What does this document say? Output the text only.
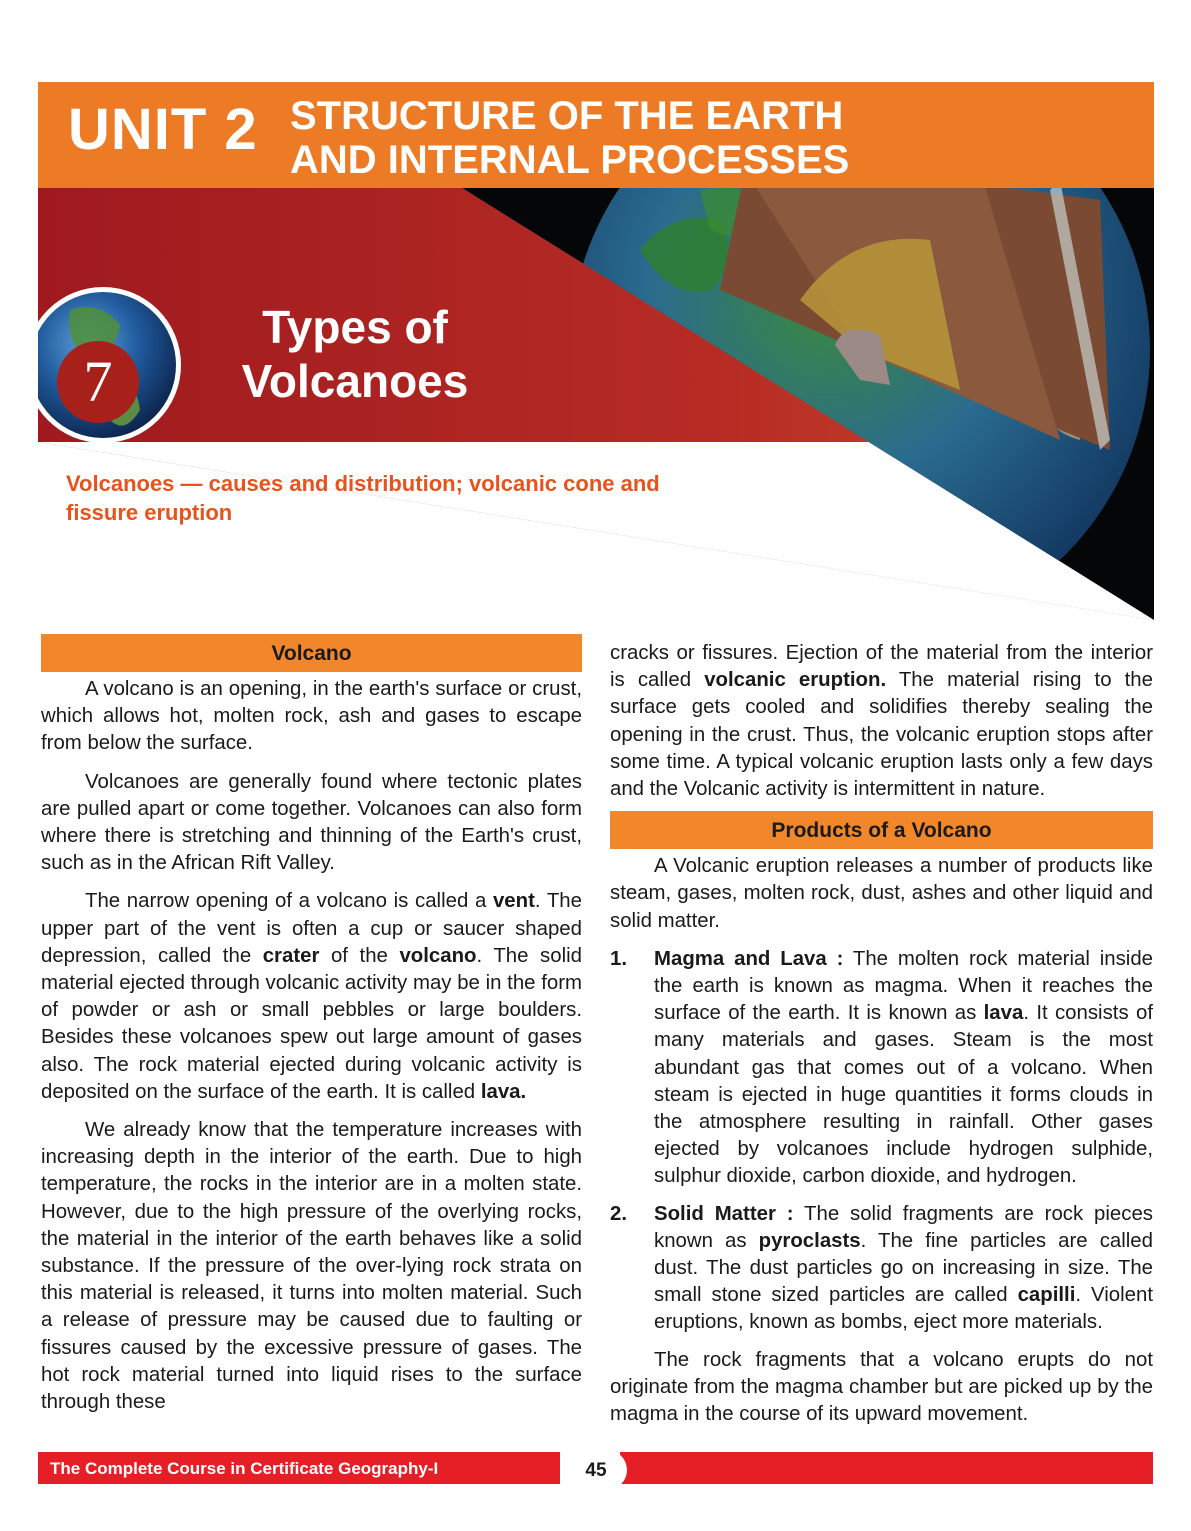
UNIT 2 STRUCTURE OF THE EARTH
AND INTERNAL PROCESSES
7
Types of
Volcanoes

Volcanoes — causes and distribution; volcanic cone and
fissure eruption

Volcano

A volcano is an opening, in the earth's surface or crust, which allows hot, molten rock, ash and gases to escape from below the surface.

Volcanoes are generally found where tectonic plates are pulled apart or come together. Volcanoes can also form where there is stretching and thinning of the Earth's crust, such as in the African Rift Valley.

The narrow opening of a volcano is called a vent. The upper part of the vent is often a cup or saucer shaped depression, called the crater of the volcano. The solid material ejected through volcanic activity may be in the form of powder or ash or small pebbles or large boulders. Besides these volcanoes spew out large amount of gases also. The rock material ejected during volcanic activity is deposited on the surface of the earth. It is called lava.

We already know that the temperature increases with increasing depth in the interior of the earth. Due to high temperature, the rocks in the interior are in a molten state. However, due to the high pressure of the overlying rocks, the material in the interior of the earth behaves like a solid substance. If the pressure of the over-lying rock strata on this material is released, it turns into molten material. Such a release of pressure may be caused due to faulting or fissures caused by the excessive pressure of gases. The hot rock material turned into liquid rises to the surface through these

cracks or fissures. Ejection of the material from the interior is called volcanic eruption. The material rising to the surface gets cooled and solidifies thereby sealing the opening in the crust. Thus, the volcanic eruption stops after some time. A typical volcanic eruption lasts only a few days and the Volcanic activity is intermittent in nature.

Products of a Volcano

A Volcanic eruption releases a number of products like steam, gases, molten rock, dust, ashes and other liquid and solid matter.

1. Magma and Lava : The molten rock material inside the earth is known as magma. When it reaches the surface of the earth. It is known as lava. It consists of many materials and gases. Steam is the most abundant gas that comes out of a volcano. When steam is ejected in huge quantities it forms clouds in the atmosphere resulting in rainfall. Other gases ejected by volcanoes include hydrogen sulphide, sulphur dioxide, carbon dioxide, and hydrogen.
2. Solid Matter : The solid fragments are rock pieces known as pyroclasts. The fine particles are called dust. The dust particles go on increasing in size. The small stone sized particles are called capilli. Violent eruptions, known as bombs, eject more materials.

The rock fragments that a volcano erupts do not originate from the magma chamber but are picked up by the magma in the course of its upward movement.

The Complete Course in Certificate Geography-I	45
